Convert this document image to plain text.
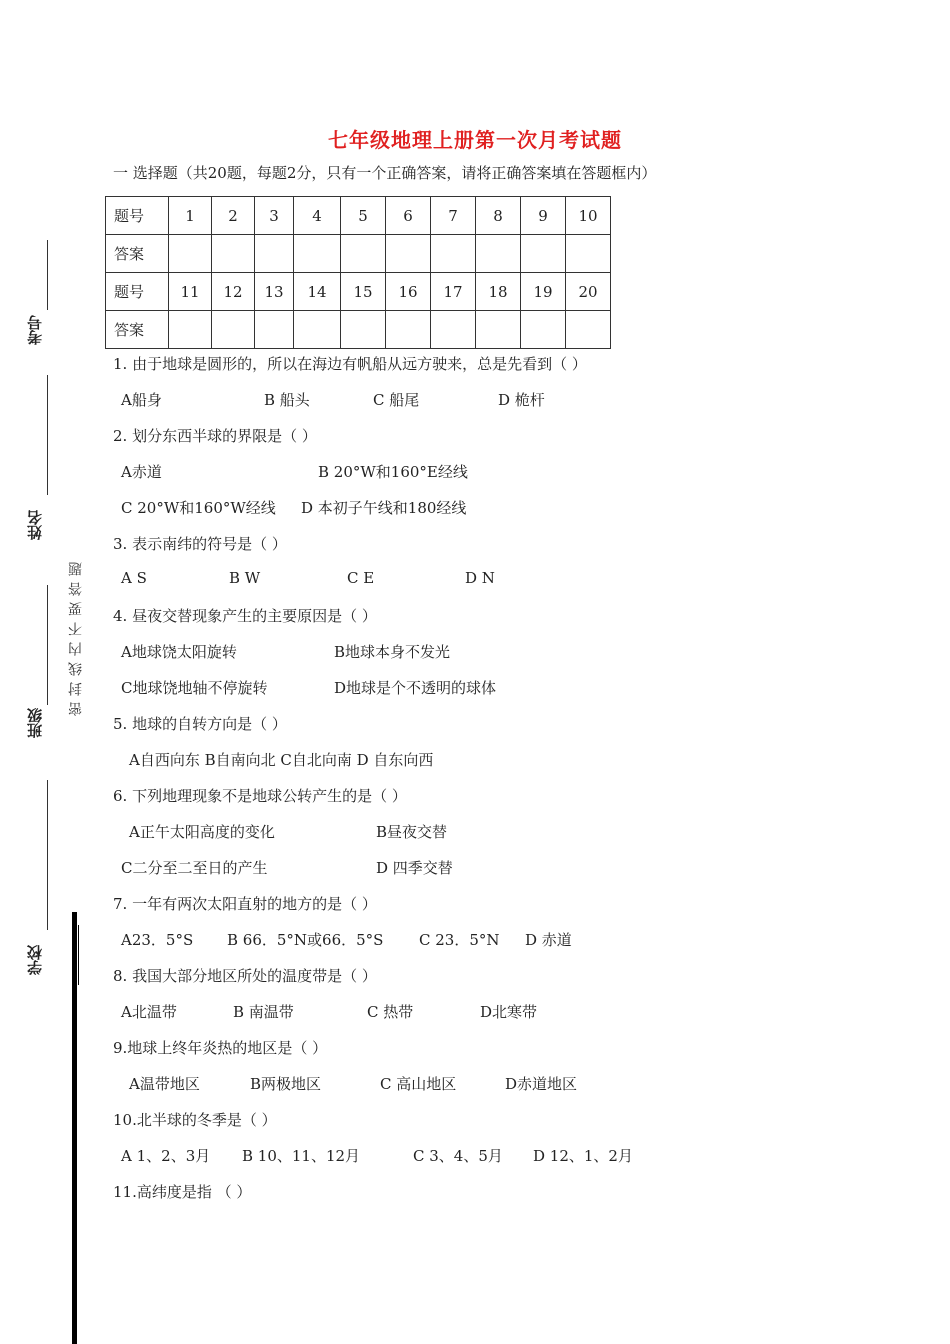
考号
姓名
班级
学校
密封线内不要答题
七年级地理上册第一次月考试题
一 选择题（共20题，每题2分，只有一个正确答案，请将正确答案填在答题框内）
题号	1	2	3	4	5	6	7	8	9	10
答案										
题号	11	12	13	14	15	16	17	18	19	20
答案										
1. 由于地球是圆形的，所以在海边有帆船从远方驶来，总是先看到（ ）
A船身	B 船头	C 船尾	D 桅杆
2. 划分东西半球的界限是（ ）
A赤道	B 20°W和160°E经线
C 20°W和160°W经线 D 本初子午线和180经线
3. 表示南纬的符号是（ ）
A S	B W	C E	D N
4. 昼夜交替现象产生的主要原因是（ ）
A地球饶太阳旋转	B地球本身不发光
C地球饶地轴不停旋转	D地球是个不透明的球体
5. 地球的自转方向是（ ）
A自西向东 B自南向北 C自北向南 D 自东向西
6. 下列地理现象不是地球公转产生的是（ ）
A正午太阳高度的变化	B昼夜交替
C二分至二至日的产生	D 四季交替
7. 一年有两次太阳直射的地方的是（ ）
A23．5°S B 66．5°N或66．5°S C 23．5°N D 赤道
8. 我国大部分地区所处的温度带是（ ）
A北温带	B 南温带	C 热带	D北寒带
9.地球上终年炎热的地区是（ ）
A温带地区	B两极地区	C 高山地区	D赤道地区
10.北半球的冬季是（ ）
A 1、2、3月 B 10、11、12月	C 3、4、5月 D 12、1、2月
11.高纬度是指 （ ）
